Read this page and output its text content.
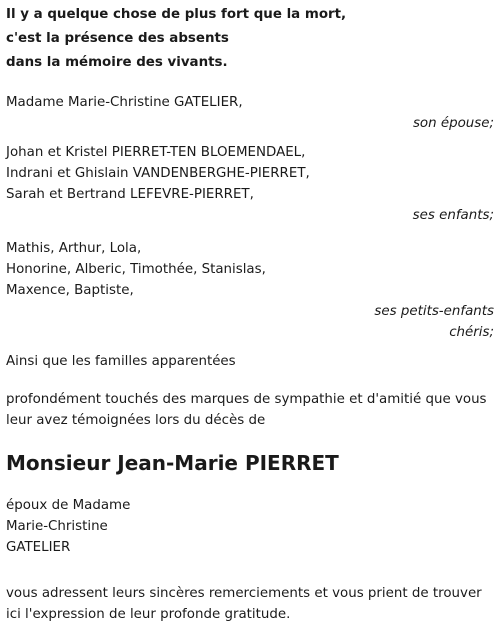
Il y a quelque chose de plus fort que la mort,
c'est la présence des absents
dans la mémoire des vivants.
Madame Marie-Christine GATELIER,
son épouse;
Johan et Kristel PIERRET-TEN BLOEMENDAEL,
Indrani et Ghislain VANDENBERGHE-PIERRET,
Sarah et Bertrand LEFEVRE-PIERRET,
ses enfants;
Mathis, Arthur, Lola,
Honorine, Alberic, Timothée, Stanislas,
Maxence, Baptiste,
ses petits-enfants
chéris;
Ainsi que les familles apparentées
profondément touchés des marques de sympathie et d'amitié que vous
leur avez témoignées lors du décès de
Monsieur Jean-Marie PIERRET
époux de Madame
Marie-Christine
GATELIER
vous adressent leurs sincères remerciements et vous prient de trouver
ici l'expression de leur profonde gratitude.
